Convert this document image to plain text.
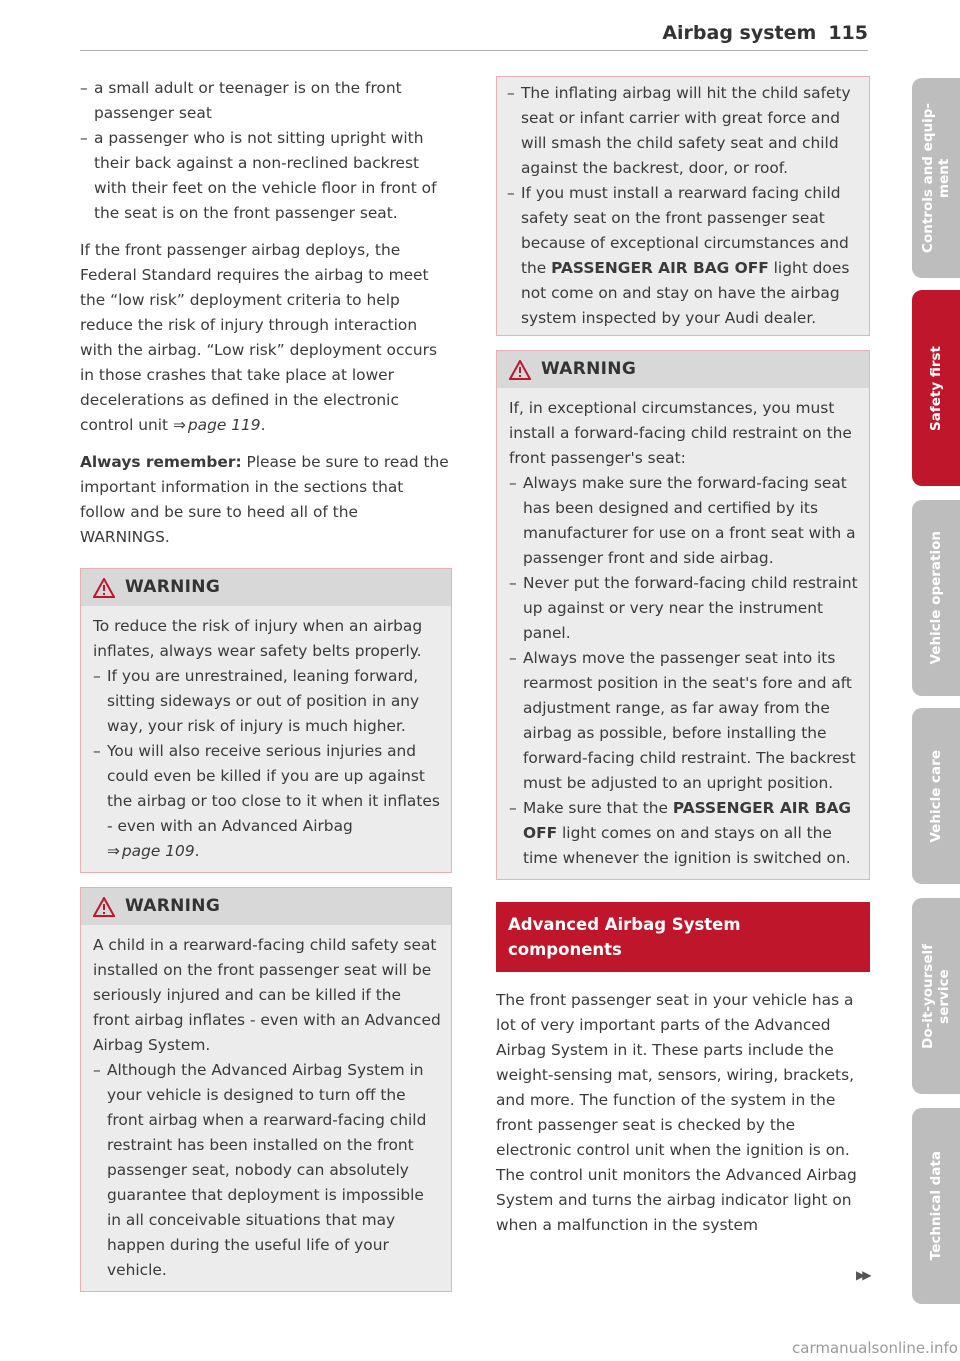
Airbag system 115
– a small adult or teenager is on the front passenger seat
– a passenger who is not sitting upright with their back against a non-reclined backrest with their feet on the vehicle floor in front of the seat is on the front passenger seat.

If the front passenger airbag deploys, the Federal Standard requires the airbag to meet the “low risk” deployment criteria to help reduce the risk of injury through interaction with the airbag. “Low risk” deployment occurs in those crashes that take place at lower decelerations as defined in the electronic control unit ⇒ page 119.

Always remember: Please be sure to read the important information in the sections that follow and be sure to heed all of the WARNINGS.

WARNING
To reduce the risk of injury when an airbag inflates, always wear safety belts properly.
– If you are unrestrained, leaning forward, sitting sideways or out of position in any way, your risk of injury is much higher.
– You will also receive serious injuries and could even be killed if you are up against the airbag or too close to it when it inflates - even with an Advanced Airbag
⇒ page 109.
WARNING
A child in a rearward-facing child safety seat installed on the front passenger seat will be seriously injured and can be killed if the front airbag inflates - even with an Advanced Airbag System.
– Although the Advanced Airbag System in your vehicle is designed to turn off the front airbag when a rearward-facing child restraint has been installed on the front passenger seat, nobody can absolutely guarantee that deployment is impossible in all conceivable situations that may happen during the useful life of your vehicle.
– The inflating airbag will hit the child safety seat or infant carrier with great force and will smash the child safety seat and child against the backrest, door, or roof.
– If you must install a rearward facing child safety seat on the front passenger seat because of exceptional circumstances and the PASSENGER AIR BAG OFF light does not come on and stay on have the airbag system inspected by your Audi dealer.
WARNING
If, in exceptional circumstances, you must install a forward-facing child restraint on the front passenger's seat:
– Always make sure the forward-facing seat has been designed and certified by its manufacturer for use on a front seat with a passenger front and side airbag.
– Never put the forward-facing child restraint up against or very near the instrument panel.
– Always move the passenger seat into its rearmost position in the seat's fore and aft adjustment range, as far away from the airbag as possible, before installing the forward-facing child restraint. The backrest must be adjusted to an upright position.
– Make sure that the PASSENGER AIR BAG OFF light comes on and stays on all the time whenever the ignition is switched on.
Advanced Airbag System components

The front passenger seat in your vehicle has a lot of very important parts of the Advanced Airbag System in it. These parts include the weight-sensing mat, sensors, wiring, brackets, and more. The function of the system in the front passenger seat is checked by the electronic control unit when the ignition is on. The control unit monitors the Advanced Airbag System and turns the airbag indicator light on when a malfunction in the system

▶▶
Controls and equip-
ment
Safety first
Vehicle operation
Vehicle care
Do-it-yourself
service
Technical data
carmanualsonline.info
